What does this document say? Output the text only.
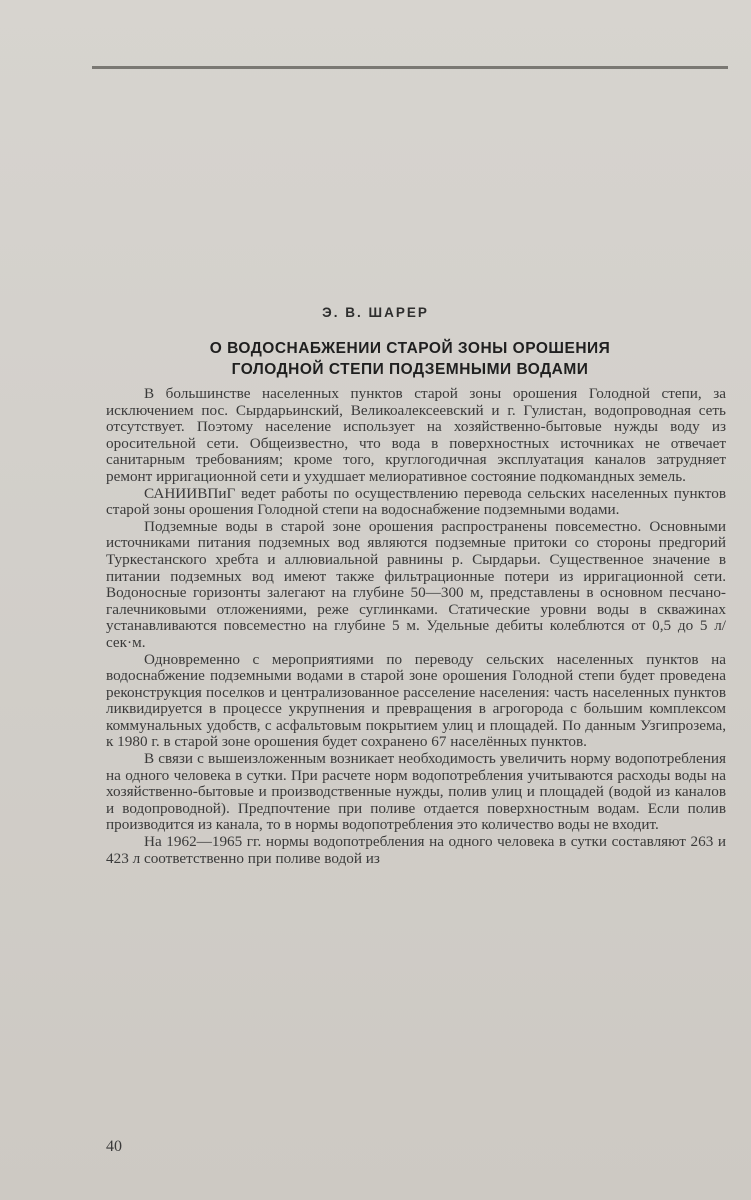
Э. В. ШАРЕР
О ВОДОСНАБЖЕНИИ СТАРОЙ ЗОНЫ ОРОШЕНИЯ
ГОЛОДНОЙ СТЕПИ ПОДЗЕМНЫМИ ВОДАМИ

В большинстве населенных пунктов старой зоны орошения Голодной степи, за исключением пос. Сырдарьинский, Великоалексеевский и г. Гулистан, водопроводная сеть отсутствует. Поэтому население использует на хозяйственно-бытовые нужды воду из оросительной сети. Общеизвестно, что вода в поверхностных источниках не отвечает санитарным требованиям; кроме того, круглогодичная эксплуатация каналов затрудняет ремонт ирригационной сети и ухудшает мелиоративное состояние подкомандных земель.

САНИИВПиГ ведет работы по осуществлению перевода сельских населенных пунктов старой зоны орошения Голодной степи на водоснабжение подземными водами.

Подземные воды в старой зоне орошения распространены повсеместно. Основными источниками питания подземных вод являются подземные притоки со стороны предгорий Туркестанского хребта и аллювиальной равнины р. Сырдарьи. Существенное значение в питании подземных вод имеют также фильтрационные потери из ирригационной сети. Водоносные горизонты залегают на глубине 50—300 м, представлены в основном песчано-галечниковыми отложениями, реже суглинками. Статические уровни воды в скважинах устанавливаются повсеместно на глубине 5 м. Удельные дебиты колеблются от 0,5 до 5 л/сек·м.

Одновременно с мероприятиями по переводу сельских населенных пунктов на водоснабжение подземными водами в старой зоне орошения Голодной степи будет проведена реконструкция поселков и централизованное расселение населения: часть населенных пунктов ликвидируется в процессе укрупнения и превращения в агрогорода с большим комплексом коммунальных удобств, с асфальтовым покрытием улиц и площадей. По данным Узгипрозема, к 1980 г. в старой зоне орошения будет сохранено 67 населённых пунктов.

В связи с вышеизложенным возникает необходимость увеличить норму водопотребления на одного человека в сутки. При расчете норм водопотребления учитываются расходы воды на хозяйственно-бытовые и производственные нужды, полив улиц и площадей (водой из каналов и водопроводной). Предпочтение при поливе отдается поверхностным водам. Если полив производится из канала, то в нормы водопотребления это количество воды не входит.

На 1962—1965 гг. нормы водопотребления на одного человека в сутки составляют 263 и 423 л соответственно при поливе водой из

40
